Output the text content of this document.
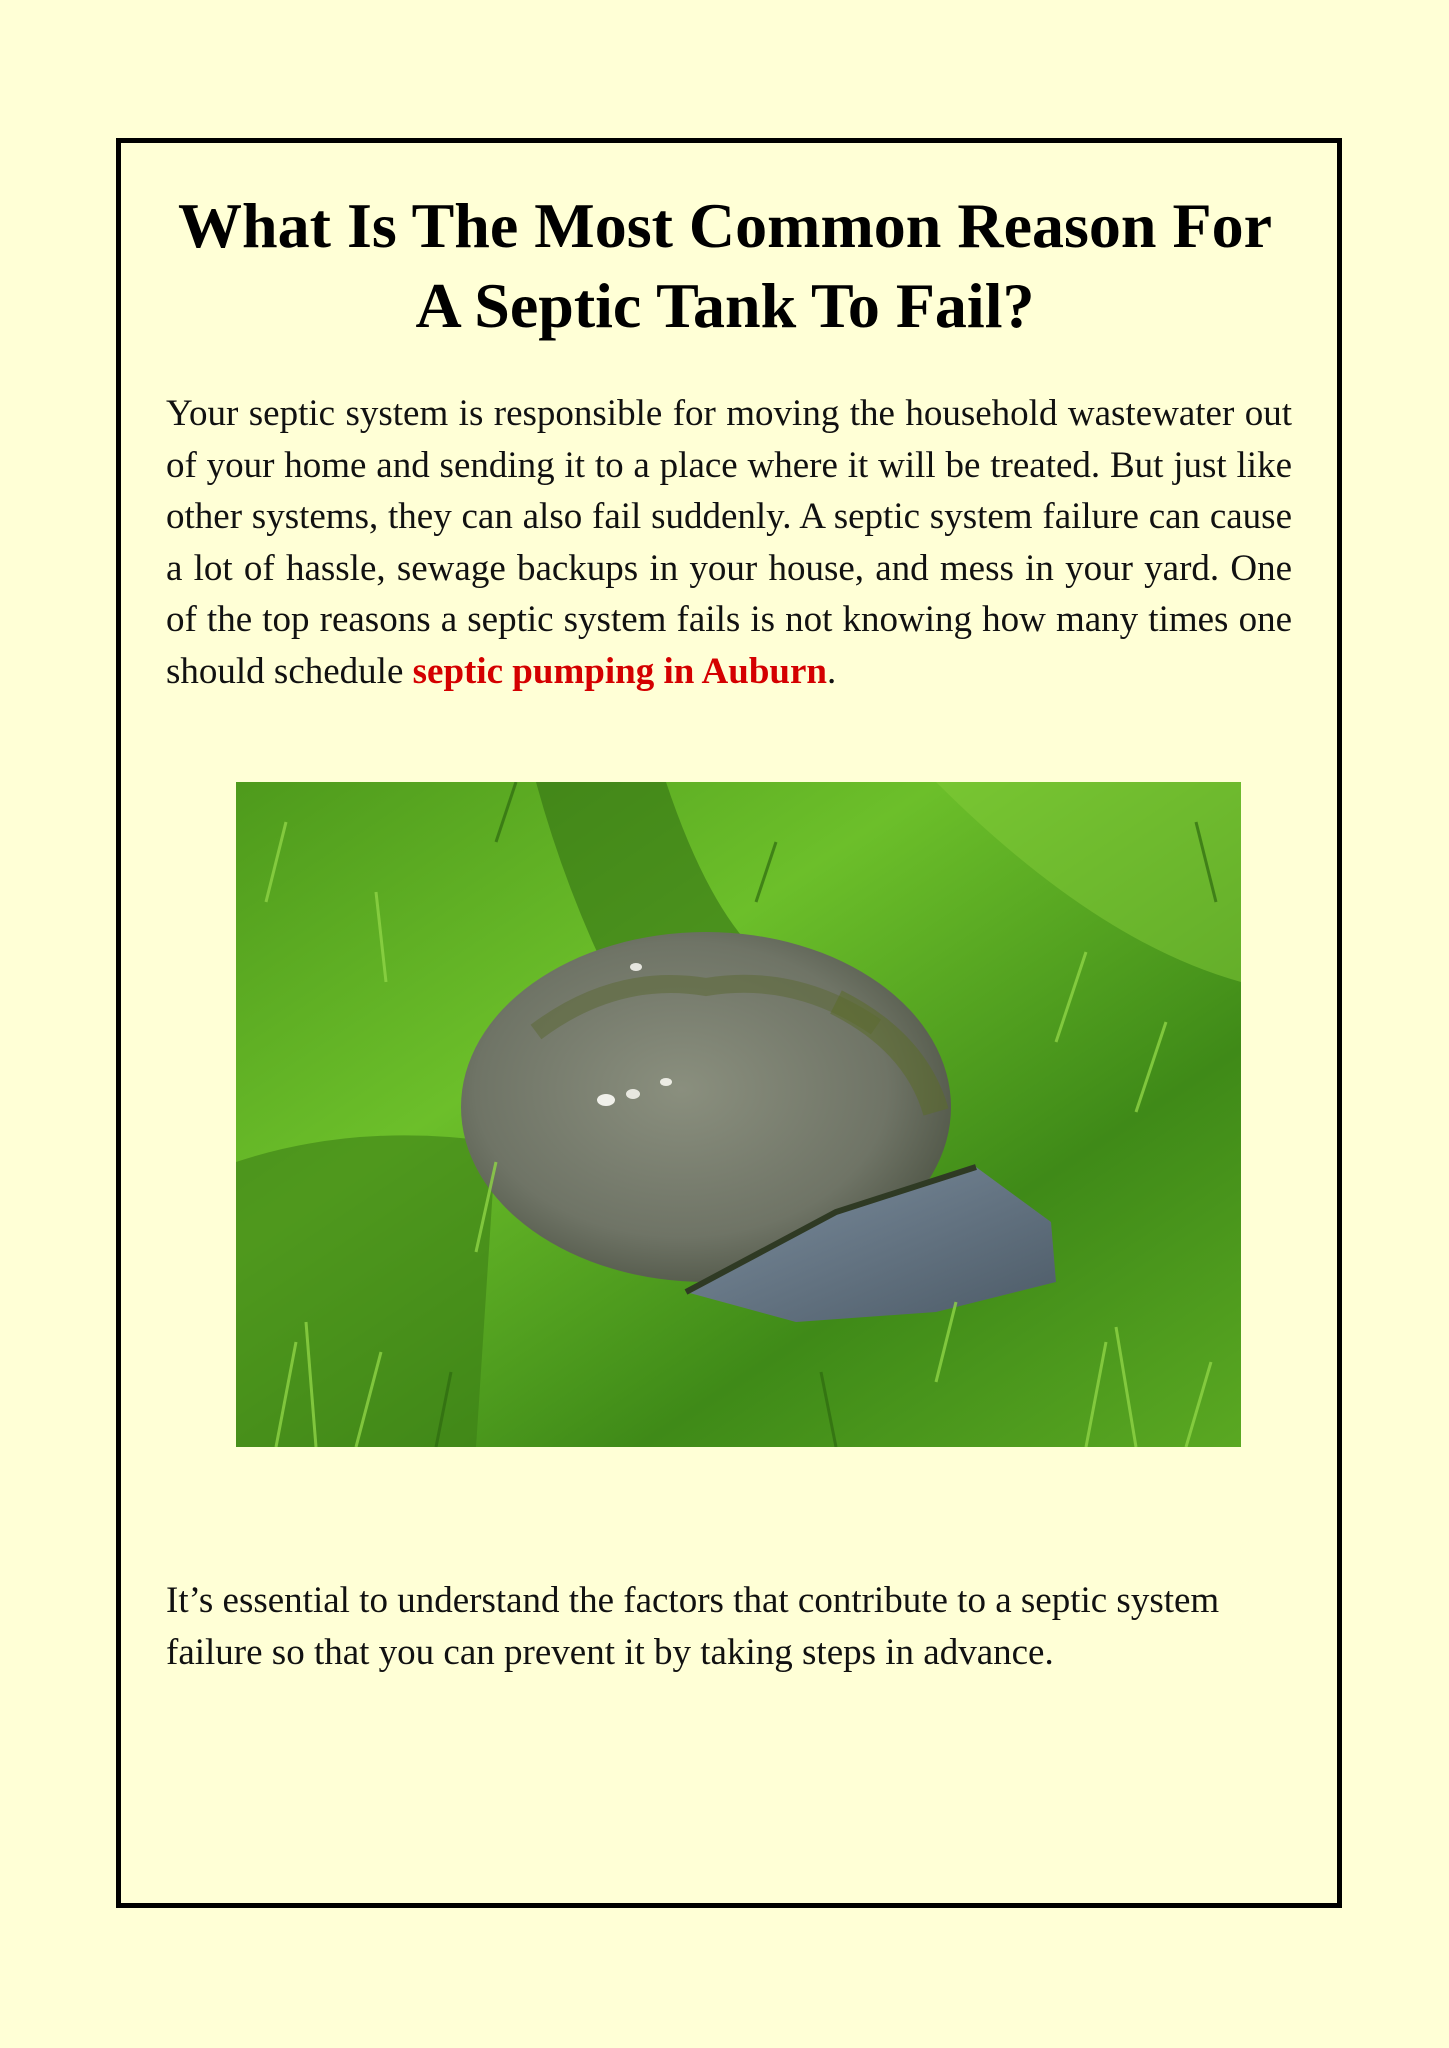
What Is The Most Common Reason For A Septic Tank To Fail?

Your septic system is responsible for moving the household wastewater out of your home and sending it to a place where it will be treated. But just like other systems, they can also fail suddenly. A septic system failure can cause a lot of hassle, sewage backups in your house, and mess in your yard. One of the top reasons a septic system fails is not knowing how many times one should schedule septic pumping in Auburn.

It’s essential to understand the factors that contribute to a septic system failure so that you can prevent it by taking steps in advance.
